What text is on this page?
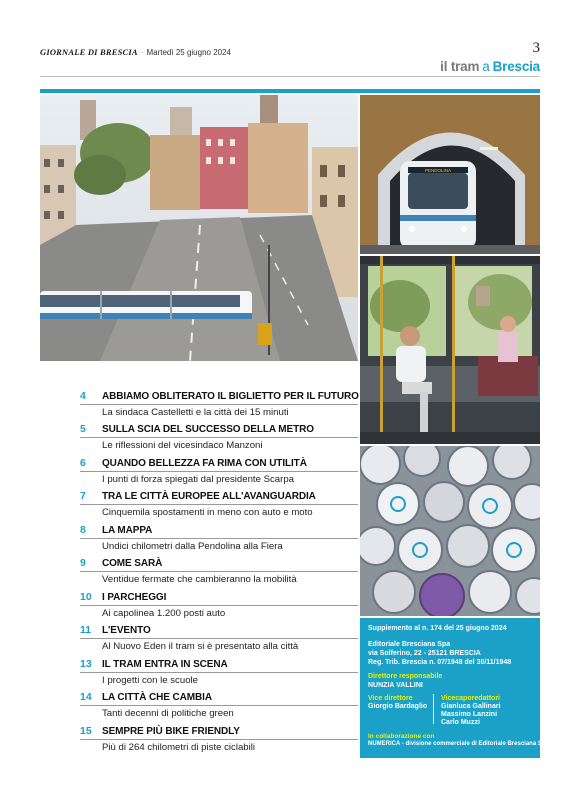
GIORNALE DI BRESCIA · Martedì 25 giugno 2024	3
il tram a Brescia
PENDOLINA
4	ABBIAMO OBLITERATO IL BIGLIETTO PER IL FUTURO
La sindaca Castelletti e la città dei 15 minuti
5	SULLA SCIA DEL SUCCESSO DELLA METRO
Le riflessioni del vicesindaco Manzoni
6	QUANDO BELLEZZA FA RIMA CON UTILITÀ
I punti di forza spiegati dal presidente Scarpa
7	TRA LE CITTÀ EUROPEE ALL'AVANGUARDIA
Cinquemila spostamenti in meno con auto e moto
8	LA MAPPA
Undici chilometri dalla Pendolina alla Fiera
9	COME SARÀ
Ventidue fermate che cambieranno la mobilità
10	I PARCHEGGI
Ai capolinea 1.200 posti auto
11	L'EVENTO
Al Nuovo Eden il tram si è presentato alla città
13	IL TRAM ENTRA IN SCENA
I progetti con le scuole
14	LA CITTÀ CHE CAMBIA
Tanti decenni di politiche green
15	SEMPRE PIÙ BIKE FRIENDLY
Più di 264 chilometri di piste ciclabili
Supplemento al n. 174 del 25 giugno 2024
Editoriale Bresciana Spa
via Solferino, 22 - 25121 BRESCIA
Reg. Trib. Brescia n. 07/1948 del 30/11/1948
Direttore responsabile
NUNZIA VALLINI
Vice direttore
Giorgio Bardaglio
Vicecaporedattori
Gianluca Gallinari
Massimo Lanzini
Carlo Muzzi
In collaborazione con
NUMERICA - divisione commerciale di Editoriale Bresciana S.p.A.
